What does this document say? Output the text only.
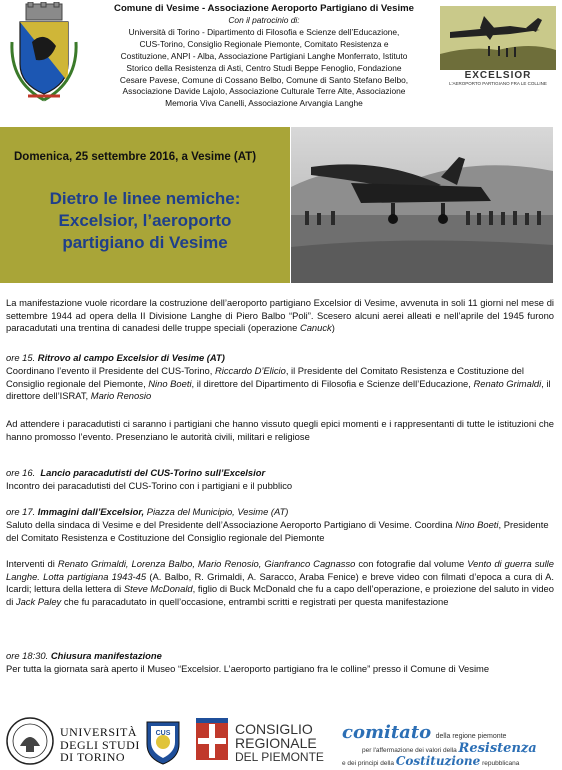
Comune di Vesime - Associazione Aeroporto Partigiano di Vesime
Con il patrocinio di:
Università di Torino - Dipartimento di Filosofia e Scienze dell’Educazione,
CUS-Torino, Consiglio Regionale Piemonte, Comitato Resistenza e
Costituzione, ANPI - Alba, Associazione Partigiani Langhe Monferrato, Istituto
Storico della Resistenza di Asti, Centro Studi Beppe Fenoglio, Fondazione
Cesare Pavese, Comune di Cossano Belbo, Comune di Santo Stefano Belbo,
Associazione Davide Lajolo, Associazione Culturale Terre Alte, Associazione
Memoria Viva Canelli, Associazione Arvangia Langhe
EXCELSIOR
L'AEROPORTO PARTIGIANO FRA LE COLLINE
Domenica, 25 settembre 2016, a Vesime (AT)
Dietro le linee nemiche:
Excelsior, l’aeroporto
partigiano di Vesime
La manifestazione vuole ricordare la costruzione dell’aeroporto partigiano Excelsior di Vesime, avvenuta in soli 11 giorni nel mese di settembre 1944 ad opera della II Divisione Langhe di Piero Balbo “Poli”. Scesero alcuni aerei alleati e nell’aprile del 1945 furono paracadutati una trentina di canadesi delle truppe speciali (operazione Canuck)
ore 15. Ritrovo al campo Excelsior di Vesime (AT)
Coordinano l’evento il Presidente del CUS-Torino, Riccardo D’Elicio, il Presidente del Comitato Resistenza e Costituzione del Consiglio regionale del Piemonte, Nino Boeti, il direttore del Dipartimento di Filosofia e Scienze dell’Educazione, Renato Grimaldi, il direttore dell’ISRAT, Mario Renosio
Ad attendere i paracadutisti ci saranno i partigiani che hanno vissuto quegli epici momenti e i rappresentanti di tutte le istituzioni che hanno promosso l’evento. Presenziano le autorità civili, militari e religiose
ore 16. Lancio paracadutisti del CUS-Torino sull’Excelsior
Incontro dei paracadutisti del CUS-Torino con i partigiani e il pubblico
ore 17. Immagini dall’Excelsior, Piazza del Municipio, Vesime (AT)
Saluto della sindaca di Vesime e del Presidente dell’Associazione Aeroporto Partigiano di Vesime. Coordina Nino Boeti, Presidente del Comitato Resistenza e Costituzione del Consiglio regionale del Piemonte
Interventi di Renato Grimaldi, Lorenza Balbo, Mario Renosio, Gianfranco Cagnasso con fotografie dal volume Vento di guerra sulle Langhe. Lotta partigiana 1943-45 (A. Balbo, R. Grimaldi, A. Saracco, Araba Fenice) e breve video con filmati d’epoca a cura di A. Icardi; lettura della lettera di Steve McDonald, figlio di Buck McDonald che fu a capo dell’operazione, e proiezione del saluto in video di Jack Paley che fu paracadutato in quell’occasione, entrambi scritti e registrati per questa manifestazione
ore 18:30. Chiusura manifestazione
Per tutta la giornata sarà aperto il Museo “Excelsior. L’aeroporto partigiano fra le colline” presso il Comune di Vesime
UNIVERSITÀ
DEGLI STUDI
DI TORINO
CUS	CONSIGLIO
REGIONALE
DEL PIEMONTE
comitato della regione piemonte
per l'affermazione dei valori della Resistenza
e dei principi della Costituzione repubblicana
